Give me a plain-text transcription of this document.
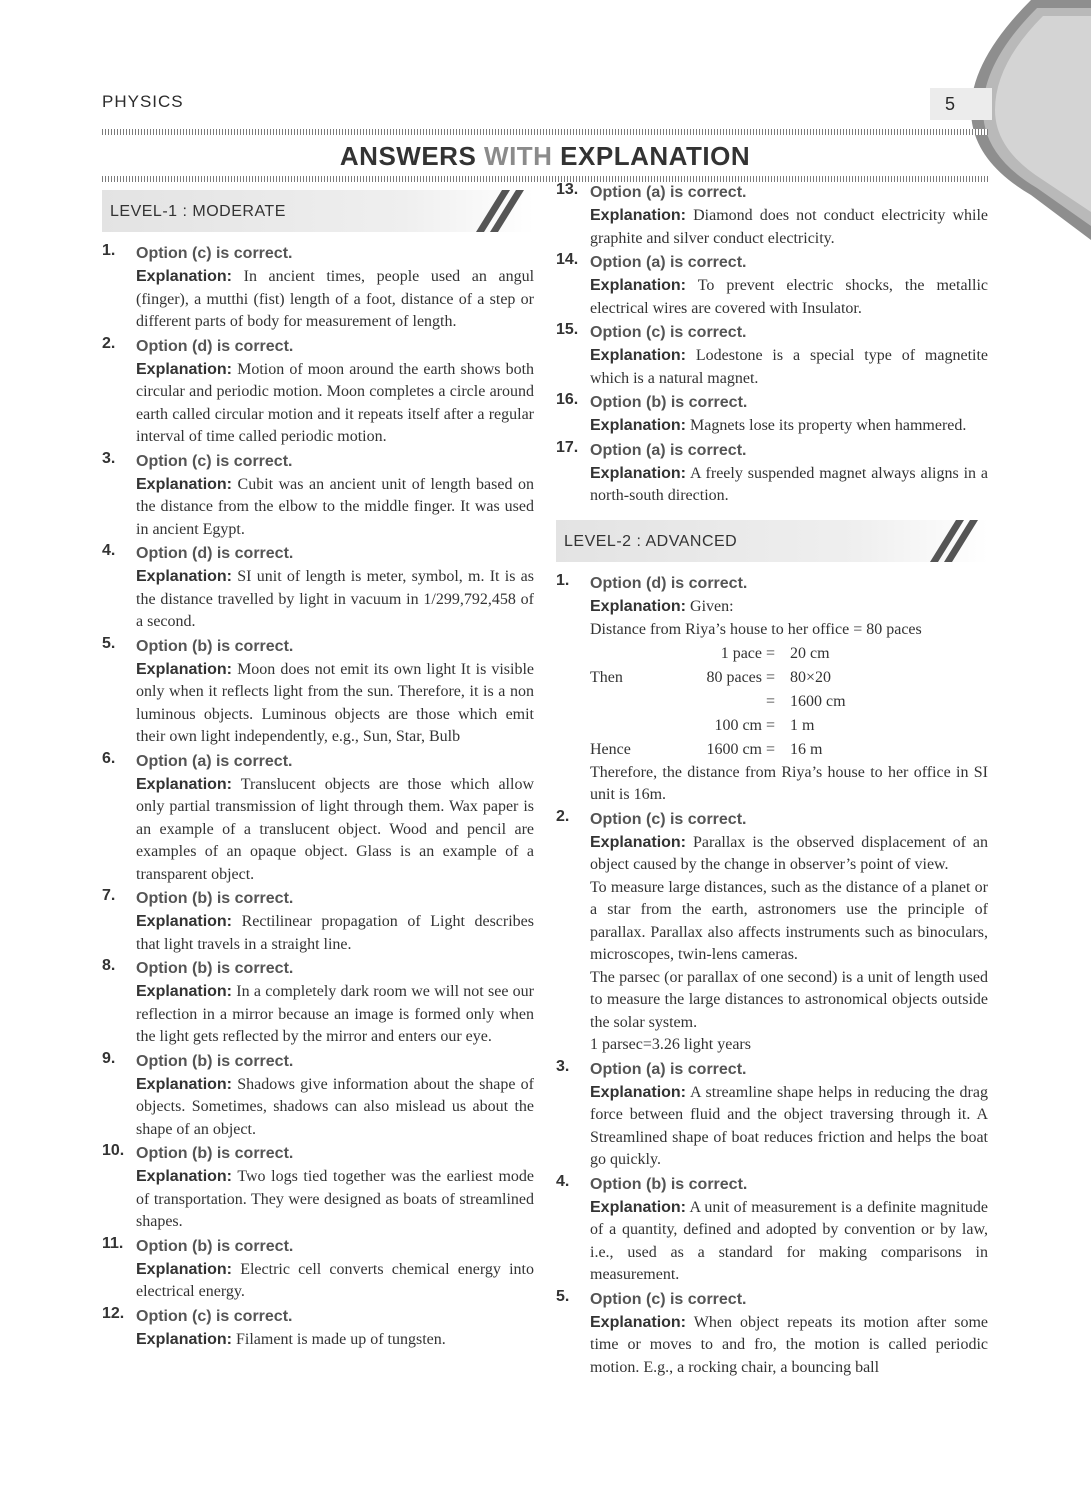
PHYSICS	5
ANSWERS WITH EXPLANATION
LEVEL-1 : MODERATE
1. Option (c) is correct.
Explanation: In ancient times, people used an angul (finger), a mutthi (fist) length of a foot, distance of a step or different parts of body for measurement of length.
2. Option (d) is correct.
Explanation: Motion of moon around the earth shows both circular and periodic motion. Moon completes a circle around earth called circular motion and it repeats itself after a regular interval of time called periodic motion.
3. Option (c) is correct.
Explanation: Cubit was an ancient unit of length based on the distance from the elbow to the middle finger. It was used in ancient Egypt.
4. Option (d) is correct.
Explanation: SI unit of length is meter, symbol, m. It is as the distance travelled by light in vacuum in 1/299,792,458 of a second.
5. Option (b) is correct.
Explanation: Moon does not emit its own light It is visible only when it reflects light from the sun. Therefore, it is a non luminous objects. Luminous objects are those which emit their own light independently, e.g., Sun, Star, Bulb
6. Option (a) is correct.
Explanation: Translucent objects are those which allow only partial transmission of light through them. Wax paper is an example of a translucent object. Wood and pencil are examples of an opaque object. Glass is an example of a transparent object.
7. Option (b) is correct.
Explanation: Rectilinear propagation of Light describes that light travels in a straight line.
8. Option (b) is correct.
Explanation: In a completely dark room we will not see our reflection in a mirror because an image is formed only when the light gets reflected by the mirror and enters our eye.
9. Option (b) is correct.
Explanation: Shadows give information about the shape of objects. Sometimes, shadows can also mislead us about the shape of an object.
10. Option (b) is correct.
Explanation: Two logs tied together was the earliest mode of transportation. They were designed as boats of streamlined shapes.
11. Option (b) is correct.
Explanation: Electric cell converts chemical energy into electrical energy.
12. Option (c) is correct.
Explanation: Filament is made up of tungsten.
13. Option (a) is correct.
Explanation: Diamond does not conduct electricity while graphite and silver conduct electricity.
14. Option (a) is correct.
Explanation: To prevent electric shocks, the metallic electrical wires are covered with Insulator.
15. Option (c) is correct.
Explanation: Lodestone is a special type of magnetite which is a natural magnet.
16. Option (b) is correct.
Explanation: Magnets lose its property when hammered.
17. Option (a) is correct.
Explanation: A freely suspended magnet always aligns in a north-south direction.
LEVEL-2 : ADVANCED
1. Option (d) is correct.
Explanation: Given:
Distance from Riya’s house to her office = 80 paces
1 pace = 20 cm
Then	80 paces = 80×20
= 1600 cm
100 cm = 1 m
Hence	1600 cm = 16 m
Therefore, the distance from Riya’s house to her office in SI unit is 16m.
2. Option (c) is correct.
Explanation: Parallax is the observed displacement of an object caused by the change in observer’s point of view.
To measure large distances, such as the distance of a planet or a star from the earth, astronomers use the principle of parallax. Parallax also affects instruments such as binoculars, microscopes, twin-lens cameras.
The parsec (or parallax of one second) is a unit of length used to measure the large distances to astronomical objects outside the solar system.
1 parsec=3.26 light years
3. Option (a) is correct.
Explanation: A streamline shape helps in reducing the drag force between fluid and the object traversing through it. A Streamlined shape of boat reduces friction and helps the boat go quickly.
4. Option (b) is correct.
Explanation: A unit of measurement is a definite magnitude of a quantity, defined and adopted by convention or by law, i.e., used as a standard for making comparisons in measurement.
5. Option (c) is correct.
Explanation: When object repeats its motion after some time or moves to and fro, the motion is called periodic motion. E.g., a rocking chair, a bouncing ball
